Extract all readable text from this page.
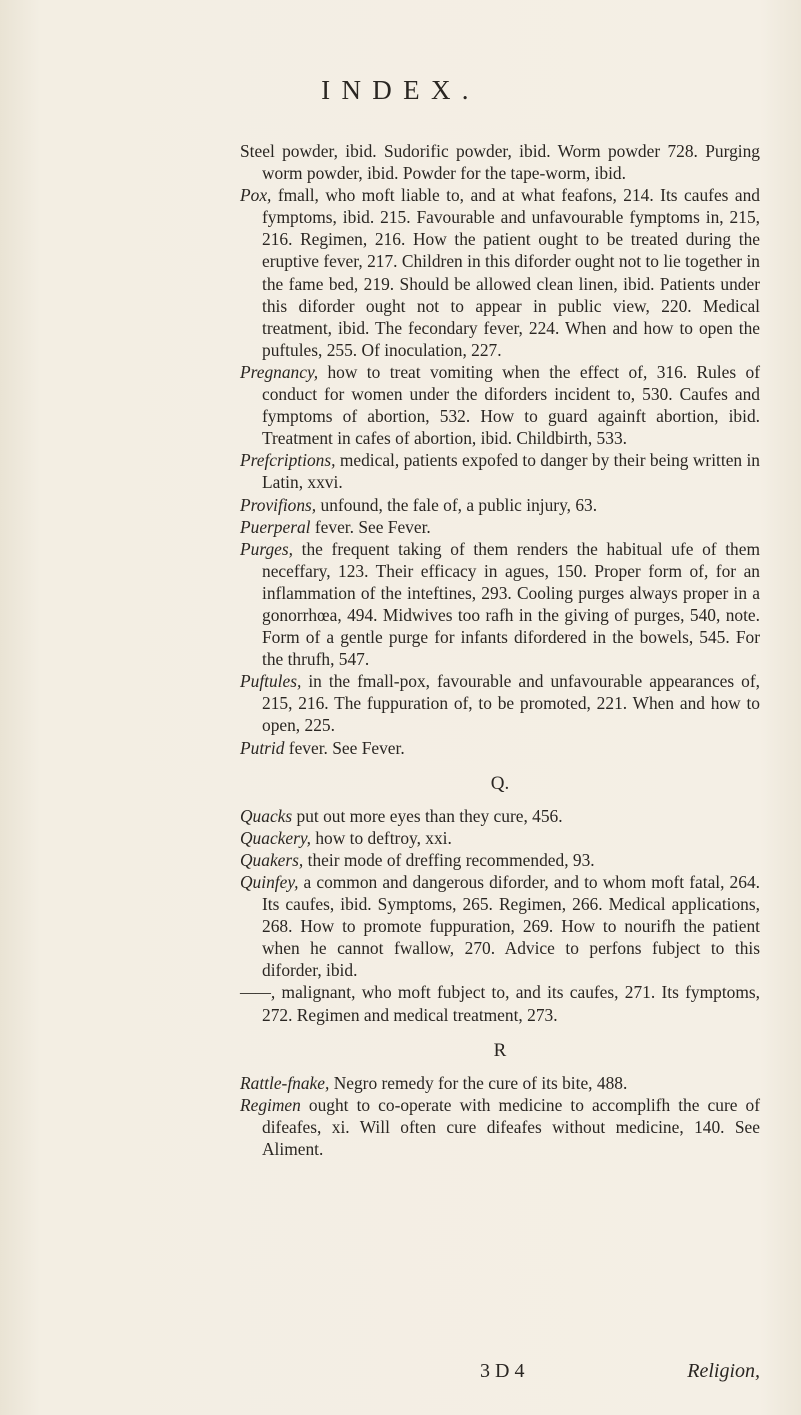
INDEX.

Steel powder, ibid. Sudorific powder, ibid. Worm powder 728. Purging worm powder, ibid. Powder for the tape-worm, ibid.

Pox, fmall, who moft liable to, and at what feafons, 214. Its caufes and fymptoms, ibid. 215. Favourable and unfavourable fymptoms in, 215, 216. Regimen, 216. How the patient ought to be treated during the eruptive fever, 217. Children in this diforder ought not to lie together in the fame bed, 219. Should be allowed clean linen, ibid. Patients under this diforder ought not to appear in public view, 220. Medical treatment, ibid. The fecondary fever, 224. When and how to open the puftules, 255. Of inoculation, 227.

Pregnancy, how to treat vomiting when the effect of, 316. Rules of conduct for women under the diforders incident to, 530. Caufes and fymptoms of abortion, 532. How to guard againft abortion, ibid. Treatment in cafes of abortion, ibid. Childbirth, 533.

Prefcriptions, medical, patients expofed to danger by their being written in Latin, xxvi.

Provifions, unfound, the fale of, a public injury, 63.

Puerperal fever. See Fever.

Purges, the frequent taking of them renders the habitual ufe of them neceffary, 123. Their efficacy in agues, 150. Proper form of, for an inflammation of the inteftines, 293. Cooling purges always proper in a gonorrhœa, 494. Midwives too rafh in the giving of purges, 540, note. Form of a gentle purge for infants difordered in the bowels, 545. For the thrufh, 547.

Puftules, in the fmall-pox, favourable and unfavourable appearances of, 215, 216. The fuppuration of, to be promoted, 221. When and how to open, 225.

Putrid fever. See Fever.

Q.

Quacks put out more eyes than they cure, 456.

Quackery, how to deftroy, xxi.

Quakers, their mode of dreffing recommended, 93.

Quinfey, a common and dangerous diforder, and to whom moft fatal, 264. Its caufes, ibid. Symptoms, 265. Regimen, 266. Medical applications, 268. How to promote fuppuration, 269. How to nourifh the patient when he cannot fwallow, 270. Advice to perfons fubject to this diforder, ibid.

——, malignant, who moft fubject to, and its caufes, 271. Its fymptoms, 272. Regimen and medical treatment, 273.

R

Rattle-fnake, Negro remedy for the cure of its bite, 488.

Regimen ought to co-operate with medicine to accomplifh the cure of difeafes, xi. Will often cure difeafes without medicine, 140. See Aliment.

3 D 4	Religion,
